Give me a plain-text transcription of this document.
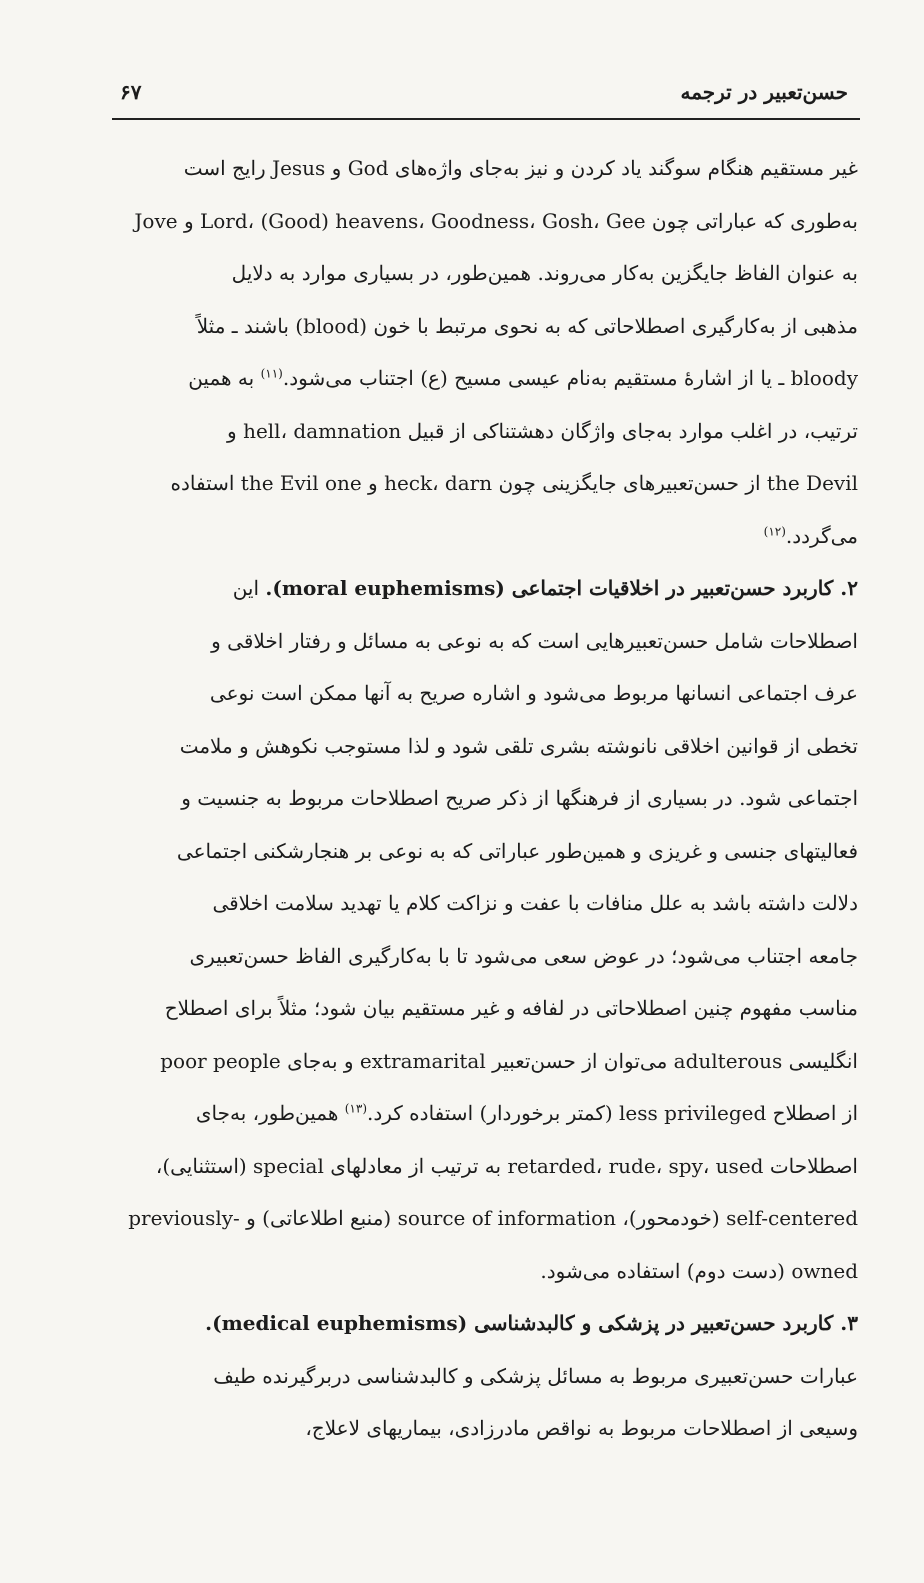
حسن‌تعبیر در ترجمه
۶۷

غیر مستقیم هنگام سوگند یاد کردن و نیز به‌جای واژه‌های God و Jesus رایج است

به‌طوری که عباراتی چون Lord، (Good) heavens، Goodness، Gosh، Gee و Jove

به عنوان الفاظ جایگزین به‌کار می‌روند. همین‌طور، در بسیاری موارد به دلایل

مذهبی از به‌کارگیری اصطلاحاتی که به نحوی مرتبط با خون (blood) باشند ـ مثلاً

bloody ـ یا از اشارهٔ مستقیم به‌نام عیسی مسیح (ع) اجتناب می‌شود.$^{(۱۱)}$ به همین

ترتیب، در اغلب موارد به‌جای واژگان دهشتناکی از قبیل hell، damnation و

the Devil از حسن‌تعبیرهای جایگزینی چون heck، darn و the Evil one استفاده

می‌گردد.$^{(۱۲)}$

۲. کاربرد حسن‌تعبیر در اخلاقیات اجتماعی (moral euphemisms). این

اصطلاحات شامل حسن‌تعبیرهایی است که به نوعی به مسائل و رفتار اخلاقی و

عرف اجتماعی انسانها مربوط می‌شود و اشاره صریح به آنها ممکن است نوعی

تخطی از قوانین اخلاقی نانوشته بشری تلقی شود و لذا مستوجب نکوهش و ملامت

اجتماعی شود. در بسیاری از فرهنگها از ذکر صریح اصطلاحات مربوط به جنسیت و

فعالیتهای جنسی و غریزی و همین‌طور عباراتی که به نوعی بر هنجارشکنی اجتماعی

دلالت داشته باشد به علل منافات با عفت و نزاکت کلام یا تهدید سلامت اخلاقی

جامعه اجتناب می‌شود؛ در عوض سعی می‌شود تا با به‌کارگیری الفاظ حسن‌تعبیری

مناسب مفهوم چنین اصطلاحاتی در لفافه و غیر مستقیم بیان شود؛ مثلاً برای اصطلاح

انگلیسی adulterous می‌توان از حسن‌تعبیر extramarital و به‌جای poor people

از اصطلاح less privileged (کمتر برخوردار) استفاده کرد.$^{(۱۳)}$ همین‌طور، به‌جای

اصطلاحات retarded، rude، spy، used به ترتیب از معادلهای special (استثنایی)،

self-centered (خودمحور)، source of information (منبع اطلاعاتی) و -previously

owned (دست دوم) استفاده می‌شود.

۳. کاربرد حسن‌تعبیر در پزشکی و کالبدشناسی (medical euphemisms).

عبارات حسن‌تعبیری مربوط به مسائل پزشکی و کالبدشناسی دربرگیرنده طیف

وسیعی از اصطلاحات مربوط به نواقص مادرزادی، بیماریهای لاعلاج،
